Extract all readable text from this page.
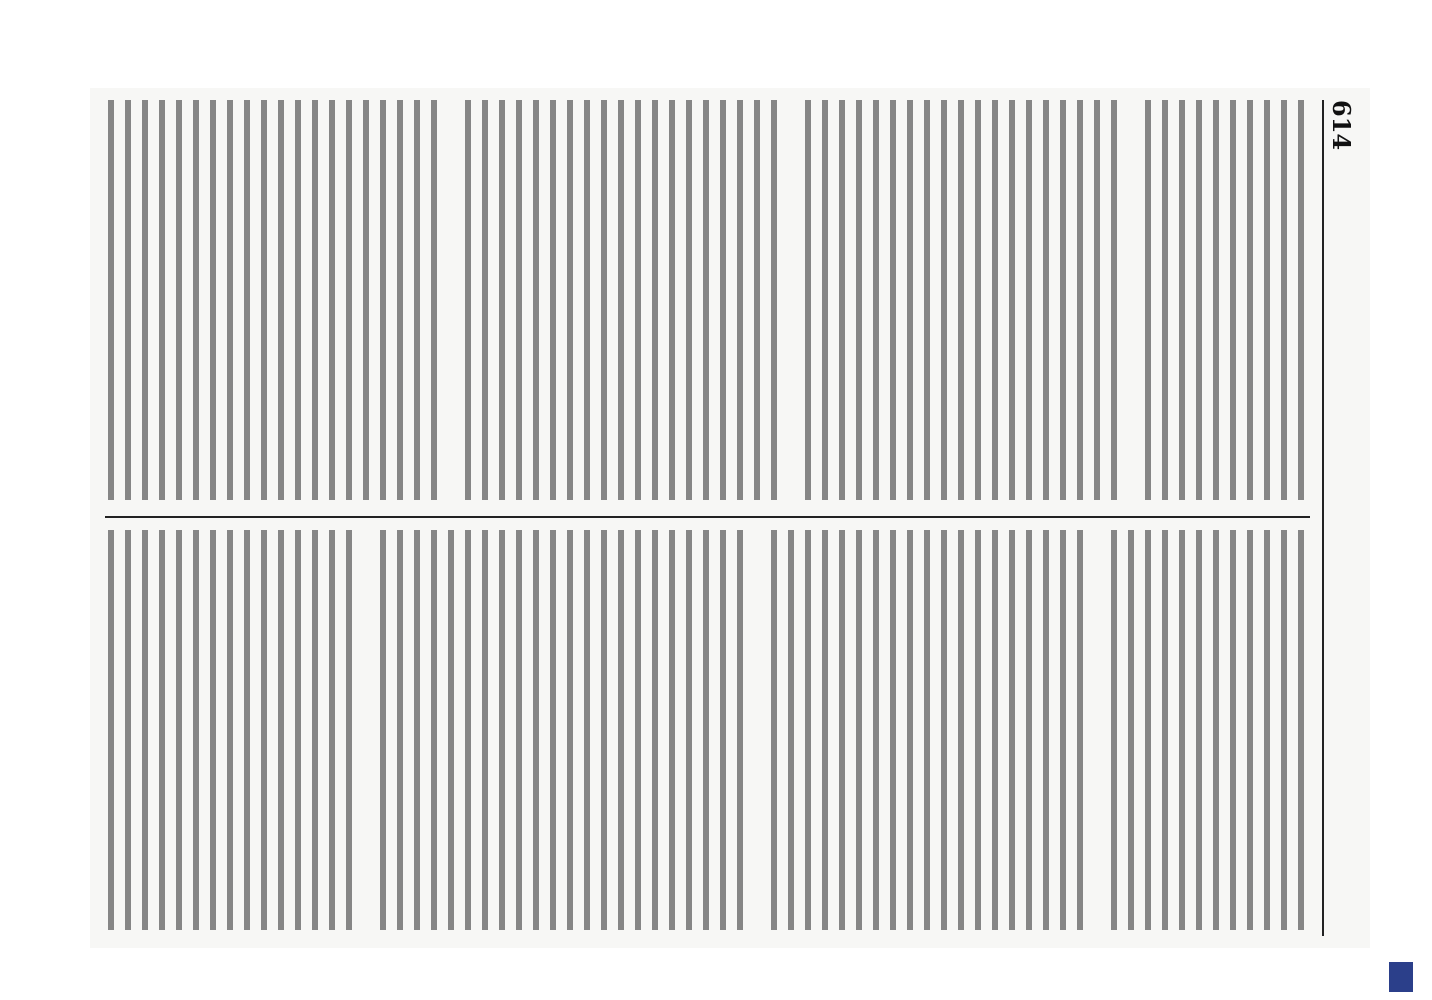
614
